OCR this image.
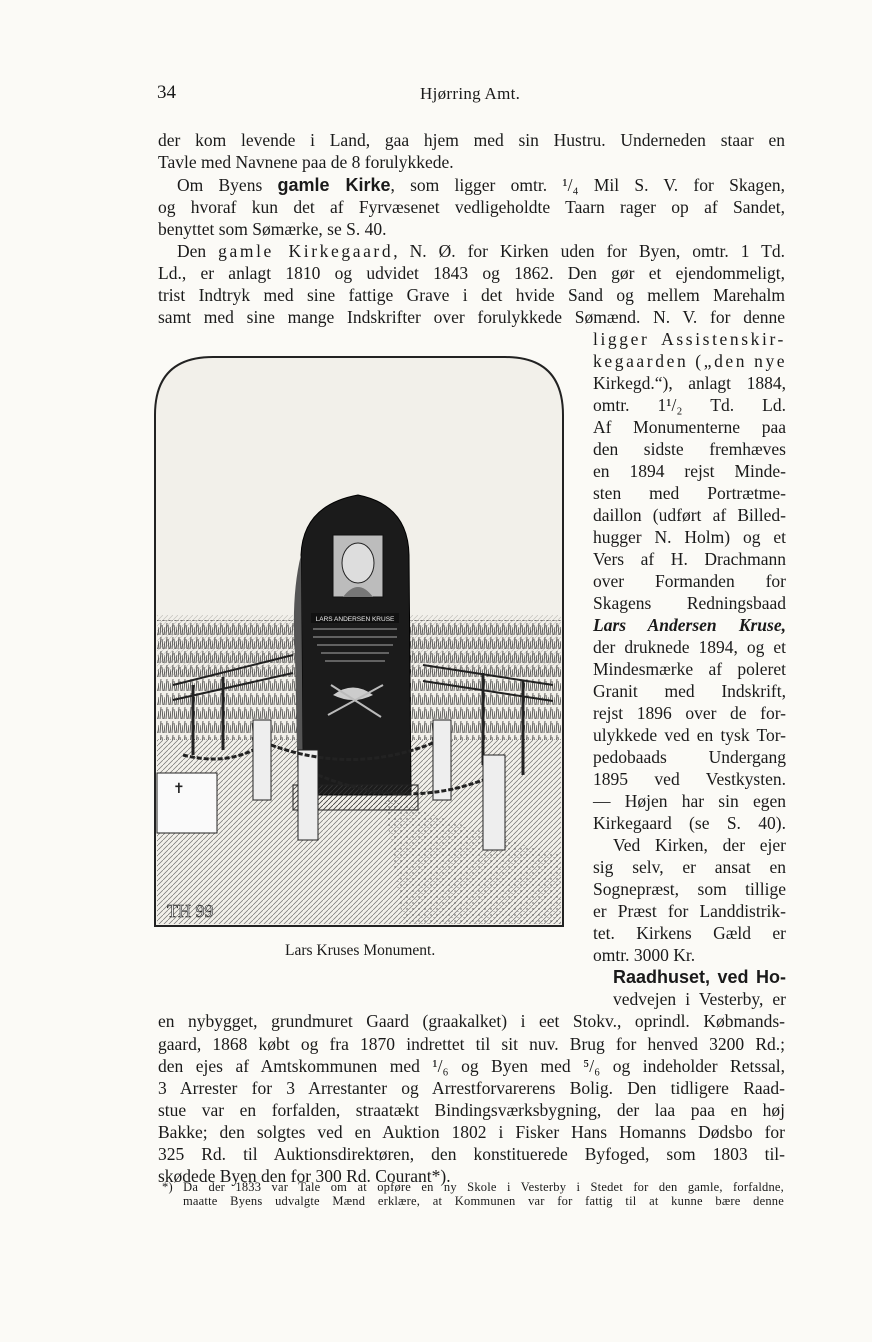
34	Hjørring Amt.
der kom levende i Land, gaa hjem med sin Hustru. Underneden staar en
Tavle med Navnene paa de 8 forulykkede.
Om Byens gamle Kirke, som ligger omtr. ¹/₄ Mil S. V. for Skagen,
og hvoraf kun det af Fyrvæsenet vedligeholdte Taarn rager op af Sandet,
benyttet som Sømærke, se S. 40.
Den gamle Kirkegaard, N. Ø. for Kirken uden for Byen, omtr. 1 Td.
Ld., er anlagt 1810 og udvidet 1843 og 1862. Den gør et ejendommeligt,
trist Indtryk med sine fattige Grave i det hvide Sand og mellem Marehalm
samt med sine mange Indskrifter over forulykkede Sømænd. N. V. for denne
ligger Assistenskir-
kegaarden („den nye
Kirkegd.“), anlagt 1884,
omtr. 1¹/₂ Td. Ld.
Af Monumenterne paa
den sidste fremhæves
en 1894 rejst Minde-
sten med Portrætme-
daillon (udført af Billed-
hugger N. Holm) og et
Vers af H. Drachmann
over Formanden for
Skagens Redningsbaad
Lars Andersen Kruse,
der druknede 1894, og et
Mindesmærke af poleret
Granit med Indskrift,
rejst 1896 over de for-
ulykkede ved en tysk Tor-
pedobaads Undergang
1895 ved Vestkysten.
— Højen har sin egen
Kirkegaard (se S. 40).
Ved Kirken, der ejer
sig selv, er ansat en
Sognepræst, som tillige
er Præst for Landdistrik-
tet. Kirkens Gæld er
omtr. 3000 Kr.
Raadhuset, ved Ho-
vedvejen i Vesterby, er
LARS ANDERSEN KRUSE
✝
TH 99
Lars Kruses Monument.
en nybygget, grundmuret Gaard (graakalket) i eet Stokv., oprindl. Købmands-
gaard, 1868 købt og fra 1870 indrettet til sit nuv. Brug for henved 3200 Rd.;
den ejes af Amtskommunen med ¹/₆ og Byen med ⁵/₆ og indeholder Retssal,
3 Arrester for 3 Arrestanter og Arrestforvarerens Bolig. Den tidligere Raad-
stue var en forfalden, straatækt Bindingsværksbygning, der laa paa en høj
Bakke; den solgtes ved en Auktion 1802 i Fisker Hans Homanns Dødsbo for
325 Rd. til Auktionsdirektøren, den konstituerede Byfoged, som 1803 til-
skødede Byen den for 300 Rd. Courant*).
*) Da der 1833 var Tale om at opføre en ny Skole i Vesterby i Stedet for den gamle, forfaldne,
maatte Byens udvalgte Mænd erklære, at Kommunen var for fattig til at kunne bære denne
